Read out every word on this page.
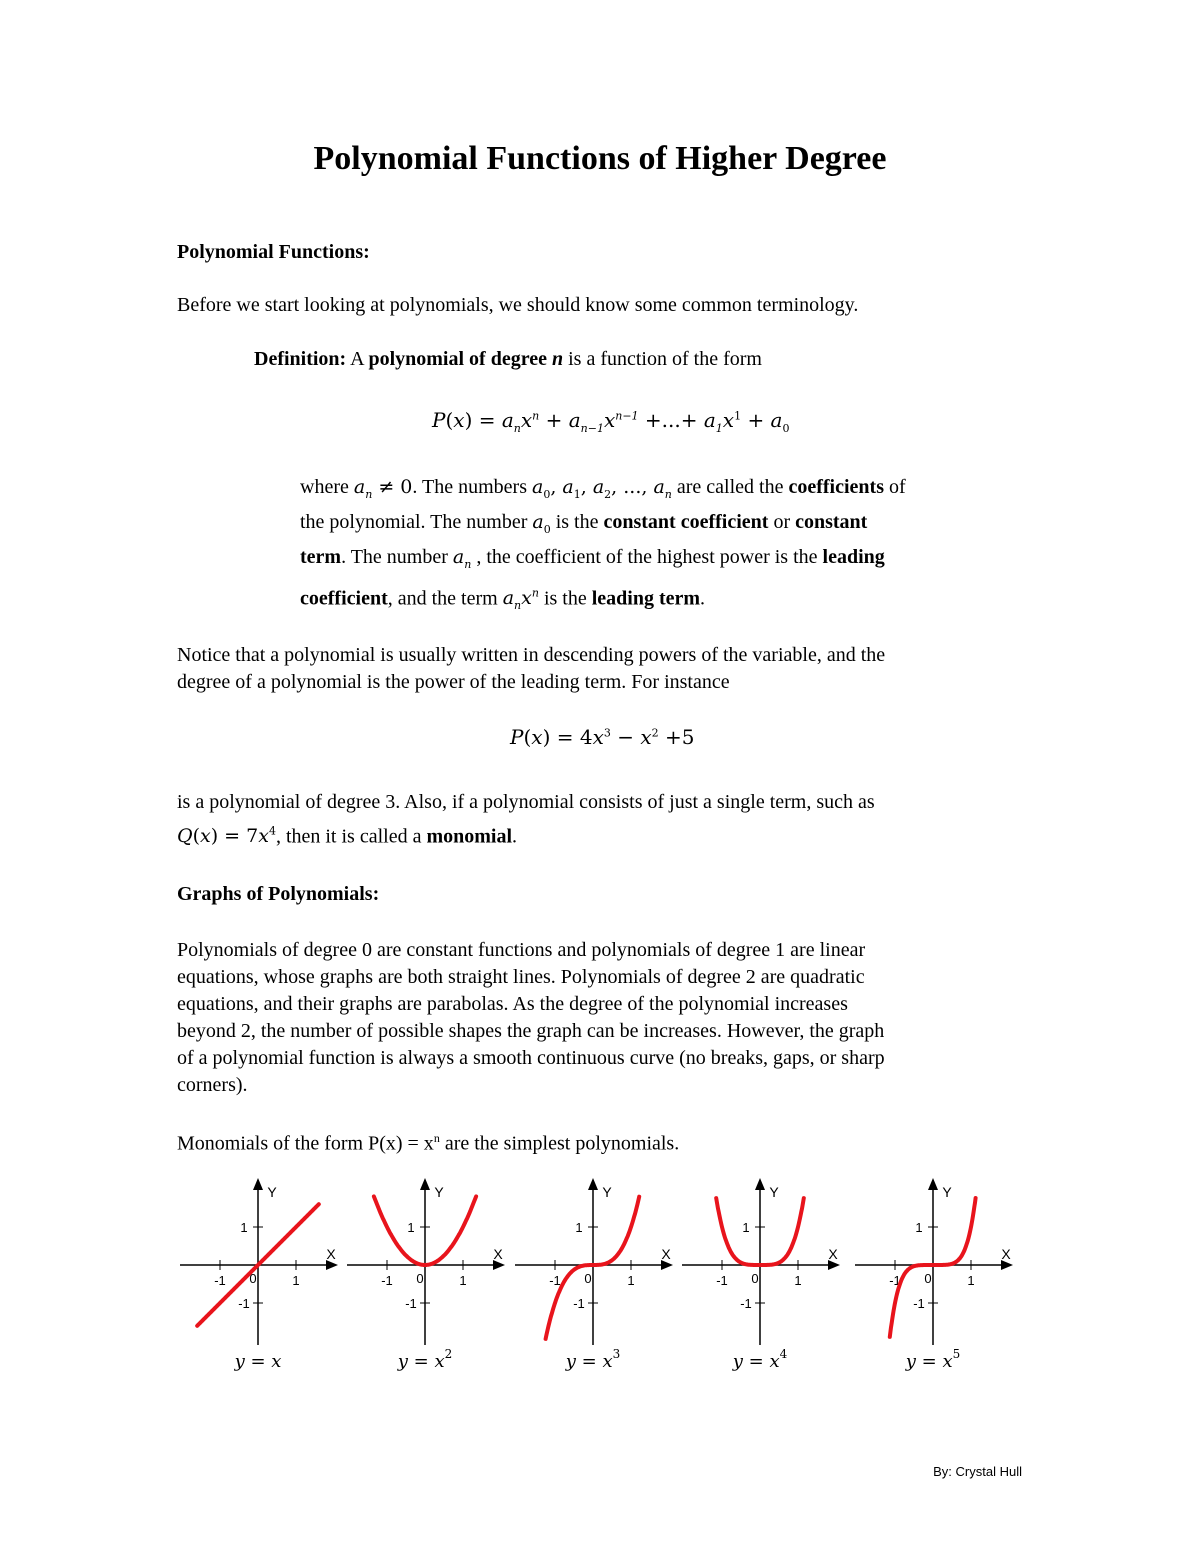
Polynomial Functions of Higher Degree
Polynomial Functions:
Before we start looking at polynomials, we should know some common terminology.
Definition: A polynomial of degree n is a function of the form
$P(x) = a_nx^n + a_{n-1}x^{n-1}$ +...+ $a_1x^1 + a_0$
where $a_n \ne 0$. The numbers $a_0$, $a_1$, $a_2$, ..., $a_n$ are called the coefficients of
the polynomial. The number $a_0$ is the constant coefficient or constant
term. The number $a_n$ , the coefficient of the highest power is the leading
coefficient, and the term $a_nx^n$ is the leading term.
Notice that a polynomial is usually written in descending powers of the variable, and the
degree of a polynomial is the power of the leading term. For instance
$P(x) = 4x^3 - x^2 +5$
is a polynomial of degree 3. Also, if a polynomial consists of just a single term, such as
$Q(x) = 7x^4$, then it is called a monomial.
Graphs of Polynomials:
Polynomials of degree 0 are constant functions and polynomials of degree 1 are linear
equations, whose graphs are both straight lines. Polynomials of degree 2 are quadratic
equations, and their graphs are parabolas. As the degree of the polynomial increases
beyond 2, the number of possible shapes the graph can be increases. However, the graph
of a polynomial function is always a smooth continuous curve (no breaks, gaps, or sharp
corners).
Monomials of the form $P(x) = x^n$ are the simplest polynomials.
Y
X
1
-1
1
-1 0
y = x
Y
X
1
-1
1
-1 0
$y = x^2$
Y
X
1
-1
1
-1 0
$y = x^3$
Y
X
1
-1
1
-1 0
$y = x^4$
Y
X
1
-1
1
-1 0
$y = x^5$
By: Crystal Hull
